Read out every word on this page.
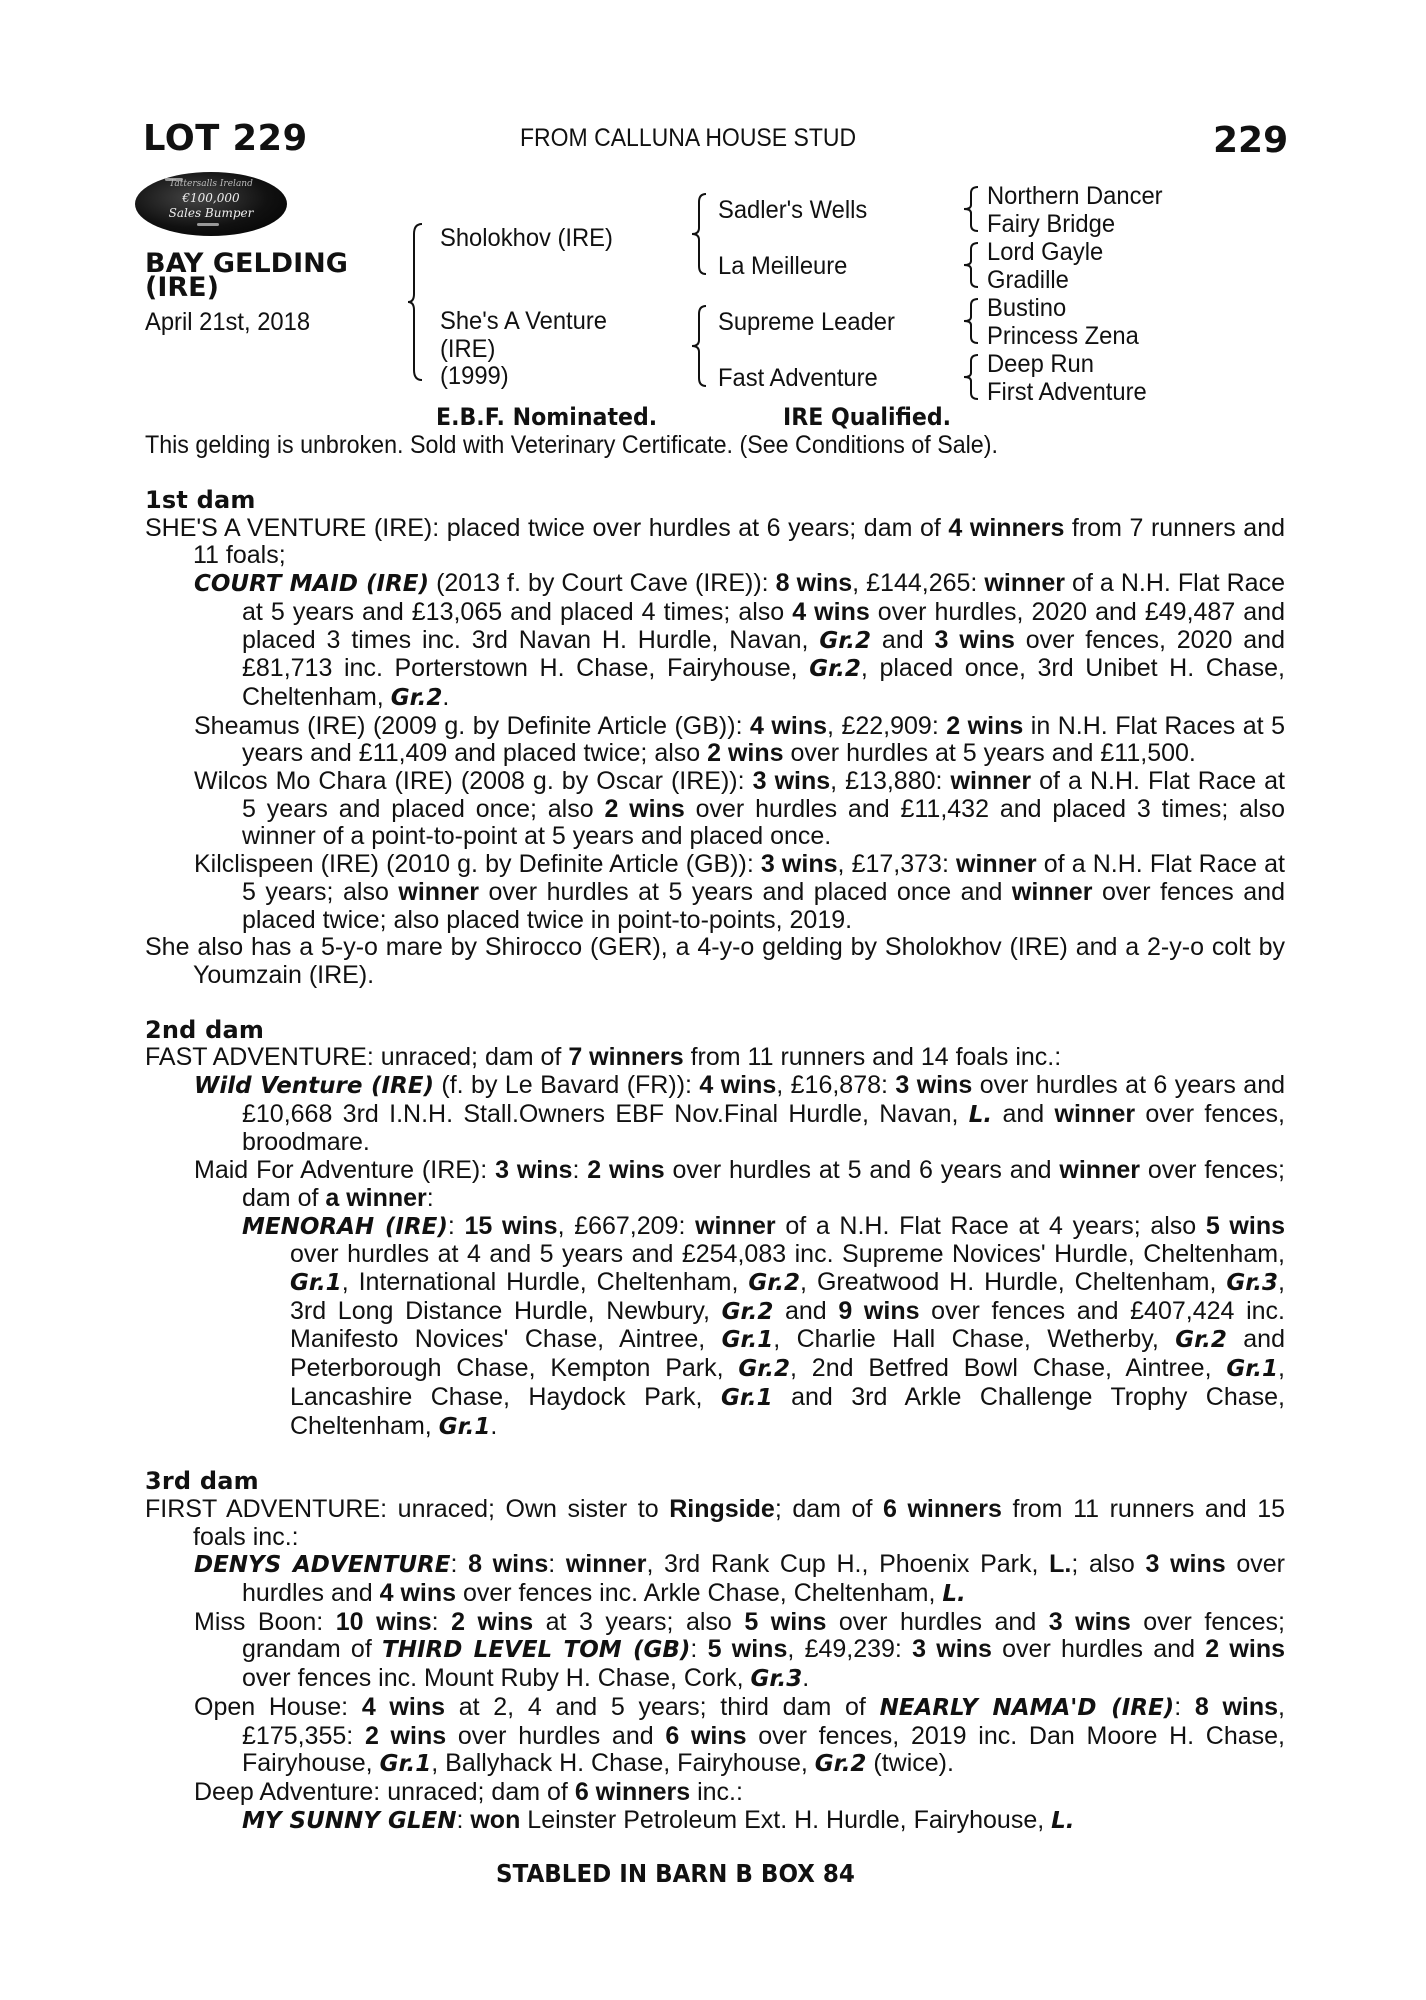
LOT 229	FROM CALLUNA HOUSE STUD	229
Tattersalls Ireland
€100,000
Sales Bumper
BAY GELDING
(IRE)
April 21st, 2018
Sholokhov (IRE)
She's A Venture
(IRE)
(1999)
Sadler's Wells
La Meilleure
Supreme Leader
Fast Adventure
Northern Dancer
Fairy Bridge
Lord Gayle
Gradille
Bustino
Princess Zena
Deep Run
First Adventure
E.B.F. Nominated.	IRE Qualified.
This gelding is unbroken. Sold with Veterinary Certificate. (See Conditions of Sale).
1st dam
SHE'S A VENTURE (IRE): placed twice over hurdles at 6 years; dam of 4 winners from 7 runners and 11 foals;
COURT MAID (IRE) (2013 f. by Court Cave (IRE)): 8 wins, £144,265: winner of a N.H. Flat Race at 5 years and £13,065 and placed 4 times; also 4 wins over hurdles, 2020 and £49,487 and placed 3 times inc. 3rd Navan H. Hurdle, Navan, Gr.2 and 3 wins over fences, 2020 and £81,713 inc. Porterstown H. Chase, Fairyhouse, Gr.2, placed once, 3rd Unibet H. Chase, Cheltenham, Gr.2.
Sheamus (IRE) (2009 g. by Definite Article (GB)): 4 wins, £22,909: 2 wins in N.H. Flat Races at 5 years and £11,409 and placed twice; also 2 wins over hurdles at 5 years and £11,500.
Wilcos Mo Chara (IRE) (2008 g. by Oscar (IRE)): 3 wins, £13,880: winner of a N.H. Flat Race at 5 years and placed once; also 2 wins over hurdles and £11,432 and placed 3 times; also winner of a point-to-point at 5 years and placed once.
Kilclispeen (IRE) (2010 g. by Definite Article (GB)): 3 wins, £17,373: winner of a N.H. Flat Race at 5 years; also winner over hurdles at 5 years and placed once and winner over fences and placed twice; also placed twice in point-to-points, 2019.
She also has a 5-y-o mare by Shirocco (GER), a 4-y-o gelding by Sholokhov (IRE) and a 2-y-o colt by Youmzain (IRE).
2nd dam
FAST ADVENTURE: unraced; dam of 7 winners from 11 runners and 14 foals inc.:
Wild Venture (IRE) (f. by Le Bavard (FR)): 4 wins, £16,878: 3 wins over hurdles at 6 years and £10,668 3rd I.N.H. Stall.Owners EBF Nov.Final Hurdle, Navan, L. and winner over fences, broodmare.
Maid For Adventure (IRE): 3 wins: 2 wins over hurdles at 5 and 6 years and winner over fences; dam of a winner:
MENORAH (IRE): 15 wins, £667,209: winner of a N.H. Flat Race at 4 years; also 5 wins over hurdles at 4 and 5 years and £254,083 inc. Supreme Novices' Hurdle, Cheltenham, Gr.1, International Hurdle, Cheltenham, Gr.2, Greatwood H. Hurdle, Cheltenham, Gr.3, 3rd Long Distance Hurdle, Newbury, Gr.2 and 9 wins over fences and £407,424 inc. Manifesto Novices' Chase, Aintree, Gr.1, Charlie Hall Chase, Wetherby, Gr.2 and Peterborough Chase, Kempton Park, Gr.2, 2nd Betfred Bowl Chase, Aintree, Gr.1, Lancashire Chase, Haydock Park, Gr.1 and 3rd Arkle Challenge Trophy Chase, Cheltenham, Gr.1.
3rd dam
FIRST ADVENTURE: unraced; Own sister to Ringside; dam of 6 winners from 11 runners and 15 foals inc.:
DENYS ADVENTURE: 8 wins: winner, 3rd Rank Cup H., Phoenix Park, L.; also 3 wins over hurdles and 4 wins over fences inc. Arkle Chase, Cheltenham, L.
Miss Boon: 10 wins: 2 wins at 3 years; also 5 wins over hurdles and 3 wins over fences; grandam of THIRD LEVEL TOM (GB): 5 wins, £49,239: 3 wins over hurdles and 2 wins over fences inc. Mount Ruby H. Chase, Cork, Gr.3.
Open House: 4 wins at 2, 4 and 5 years; third dam of NEARLY NAMA'D (IRE): 8 wins, £175,355: 2 wins over hurdles and 6 wins over fences, 2019 inc. Dan Moore H. Chase, Fairyhouse, Gr.1, Ballyhack H. Chase, Fairyhouse, Gr.2 (twice).
Deep Adventure: unraced; dam of 6 winners inc.:
MY SUNNY GLEN: won Leinster Petroleum Ext. H. Hurdle, Fairyhouse, L.
STABLED IN BARN B BOX 84
